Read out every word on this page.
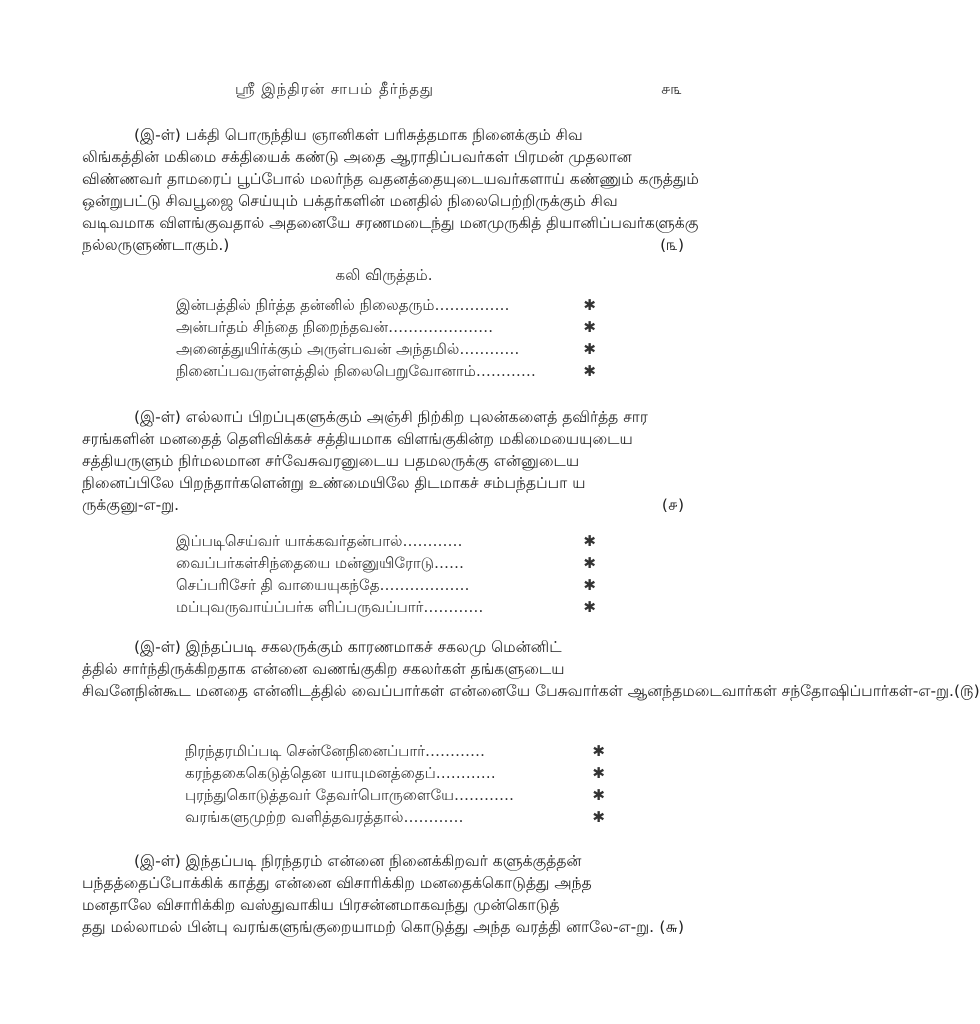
ஸ்ரீ இந்திரன் சாபம் தீர்ந்தது	௪௩
(இ-ள்) பக்தி பொருந்திய ஞானிகள் பரிசுத்தமாக நினைக்கும் சிவ
லிங்கத்தின் மகிமை சக்தியைக் கண்டு அதை ஆராதிப்பவர்கள் பிரமன் முதலான
விண்ணவர் தாமரைப் பூப்போல் மலர்ந்த வதனத்தையுடையவர்களாய் கண்ணும் கருத்தும்
ஒன்றுபட்டு சிவபூஜை செய்யும் பக்தர்களின் மனதில் நிலைபெற்றிருக்கும் சிவ
வடிவமாக விளங்குவதால் அதனையே சரணமடைந்து மனமுருகித் தியானிப்பவர்களுக்கு
நல்லருளுண்டாகும்.)	(௩)
கலி விருத்தம்.
இன்பத்தில் நிர்த்த தன்னில் நிலைதரும் ……………	✱
அன்பர்தம் சிந்தை நிறைந்தவன் …………………	✱
அனைத்துயிர்க்கும் அருள்பவன் அந்தமில் …………	✱
நினைப்பவருள்ளத்தில் நிலைபெறுவோனாம் …………	✱
(இ-ள்) எல்லாப் பிறப்புகளுக்கும் அஞ்சி நிற்கிற புலன்களைத் தவிர்த்த சார
சரங்களின் மனதைத் தெளிவிக்கச் சத்தியமாக விளங்குகின்ற மகிமையையுடைய
சத்தியருளும் நிர்மலமான சர்வேசுவரனுடைய பதமலருக்கு என்னுடைய
நினைப்பிலே பிறந்தார்களென்று உண்மையிலே திடமாகச் சம்பந்தப்பா ய
ருக்குனு-எ-று.	(௪)
இப்படிசெய்வர் யாக்கவர்தன்பால் …………	✱
வைப்பர்கள்சிந்தையை மன்னுயிரோடு ……	✱
செப்பரிசேர் தி வாயையுகந்தே ………………	✱
மப்புவருவாய்ப்பர்க ளிப்பருவப்பார் …………	✱
(இ-ள்) இந்தப்படி சகலருக்கும் காரணமாகச் சகலமு மென்னிட்
த்தில் சார்ந்திருக்கிறதாக என்னை வணங்குகிற சகலர்கள் தங்களுடைய
சிவனேநின்கூட மனதை என்னிடத்தில் வைப்பார்கள் என்னையே பேசுவார்கள் ஆனந்தமடைவார்கள் சந்தோஷிப்பார்கள்-எ-று. (௫)
நிரந்தரமிப்படி சென்னேநினைப்பார் …………	✱
கரந்தகைகெடுத்தென யாயுமனத்தைப் …………	✱
புரந்துகொடுத்தவர் தேவர்பொருளையே …………	✱
வரங்களுமுற்ற வளித்தவரத்தால் …………	✱
(இ-ள்) இந்தப்படி நிரந்தரம் என்னை நினைக்கிறவர் களுக்குத்தன்
பந்தத்தைப்போக்கிக் காத்து என்னை விசாரிக்கிற மனதைக்கொடுத்து அந்த
மனதாலே விசாரிக்கிற வஸ்துவாகிய பிரசன்னமாகவந்து முன்கொடுத்
தது மல்லாமல் பின்பு வரங்களுங்குறையாமற் கொடுத்து அந்த வரத்தி னாலே-எ-று. (௬)
